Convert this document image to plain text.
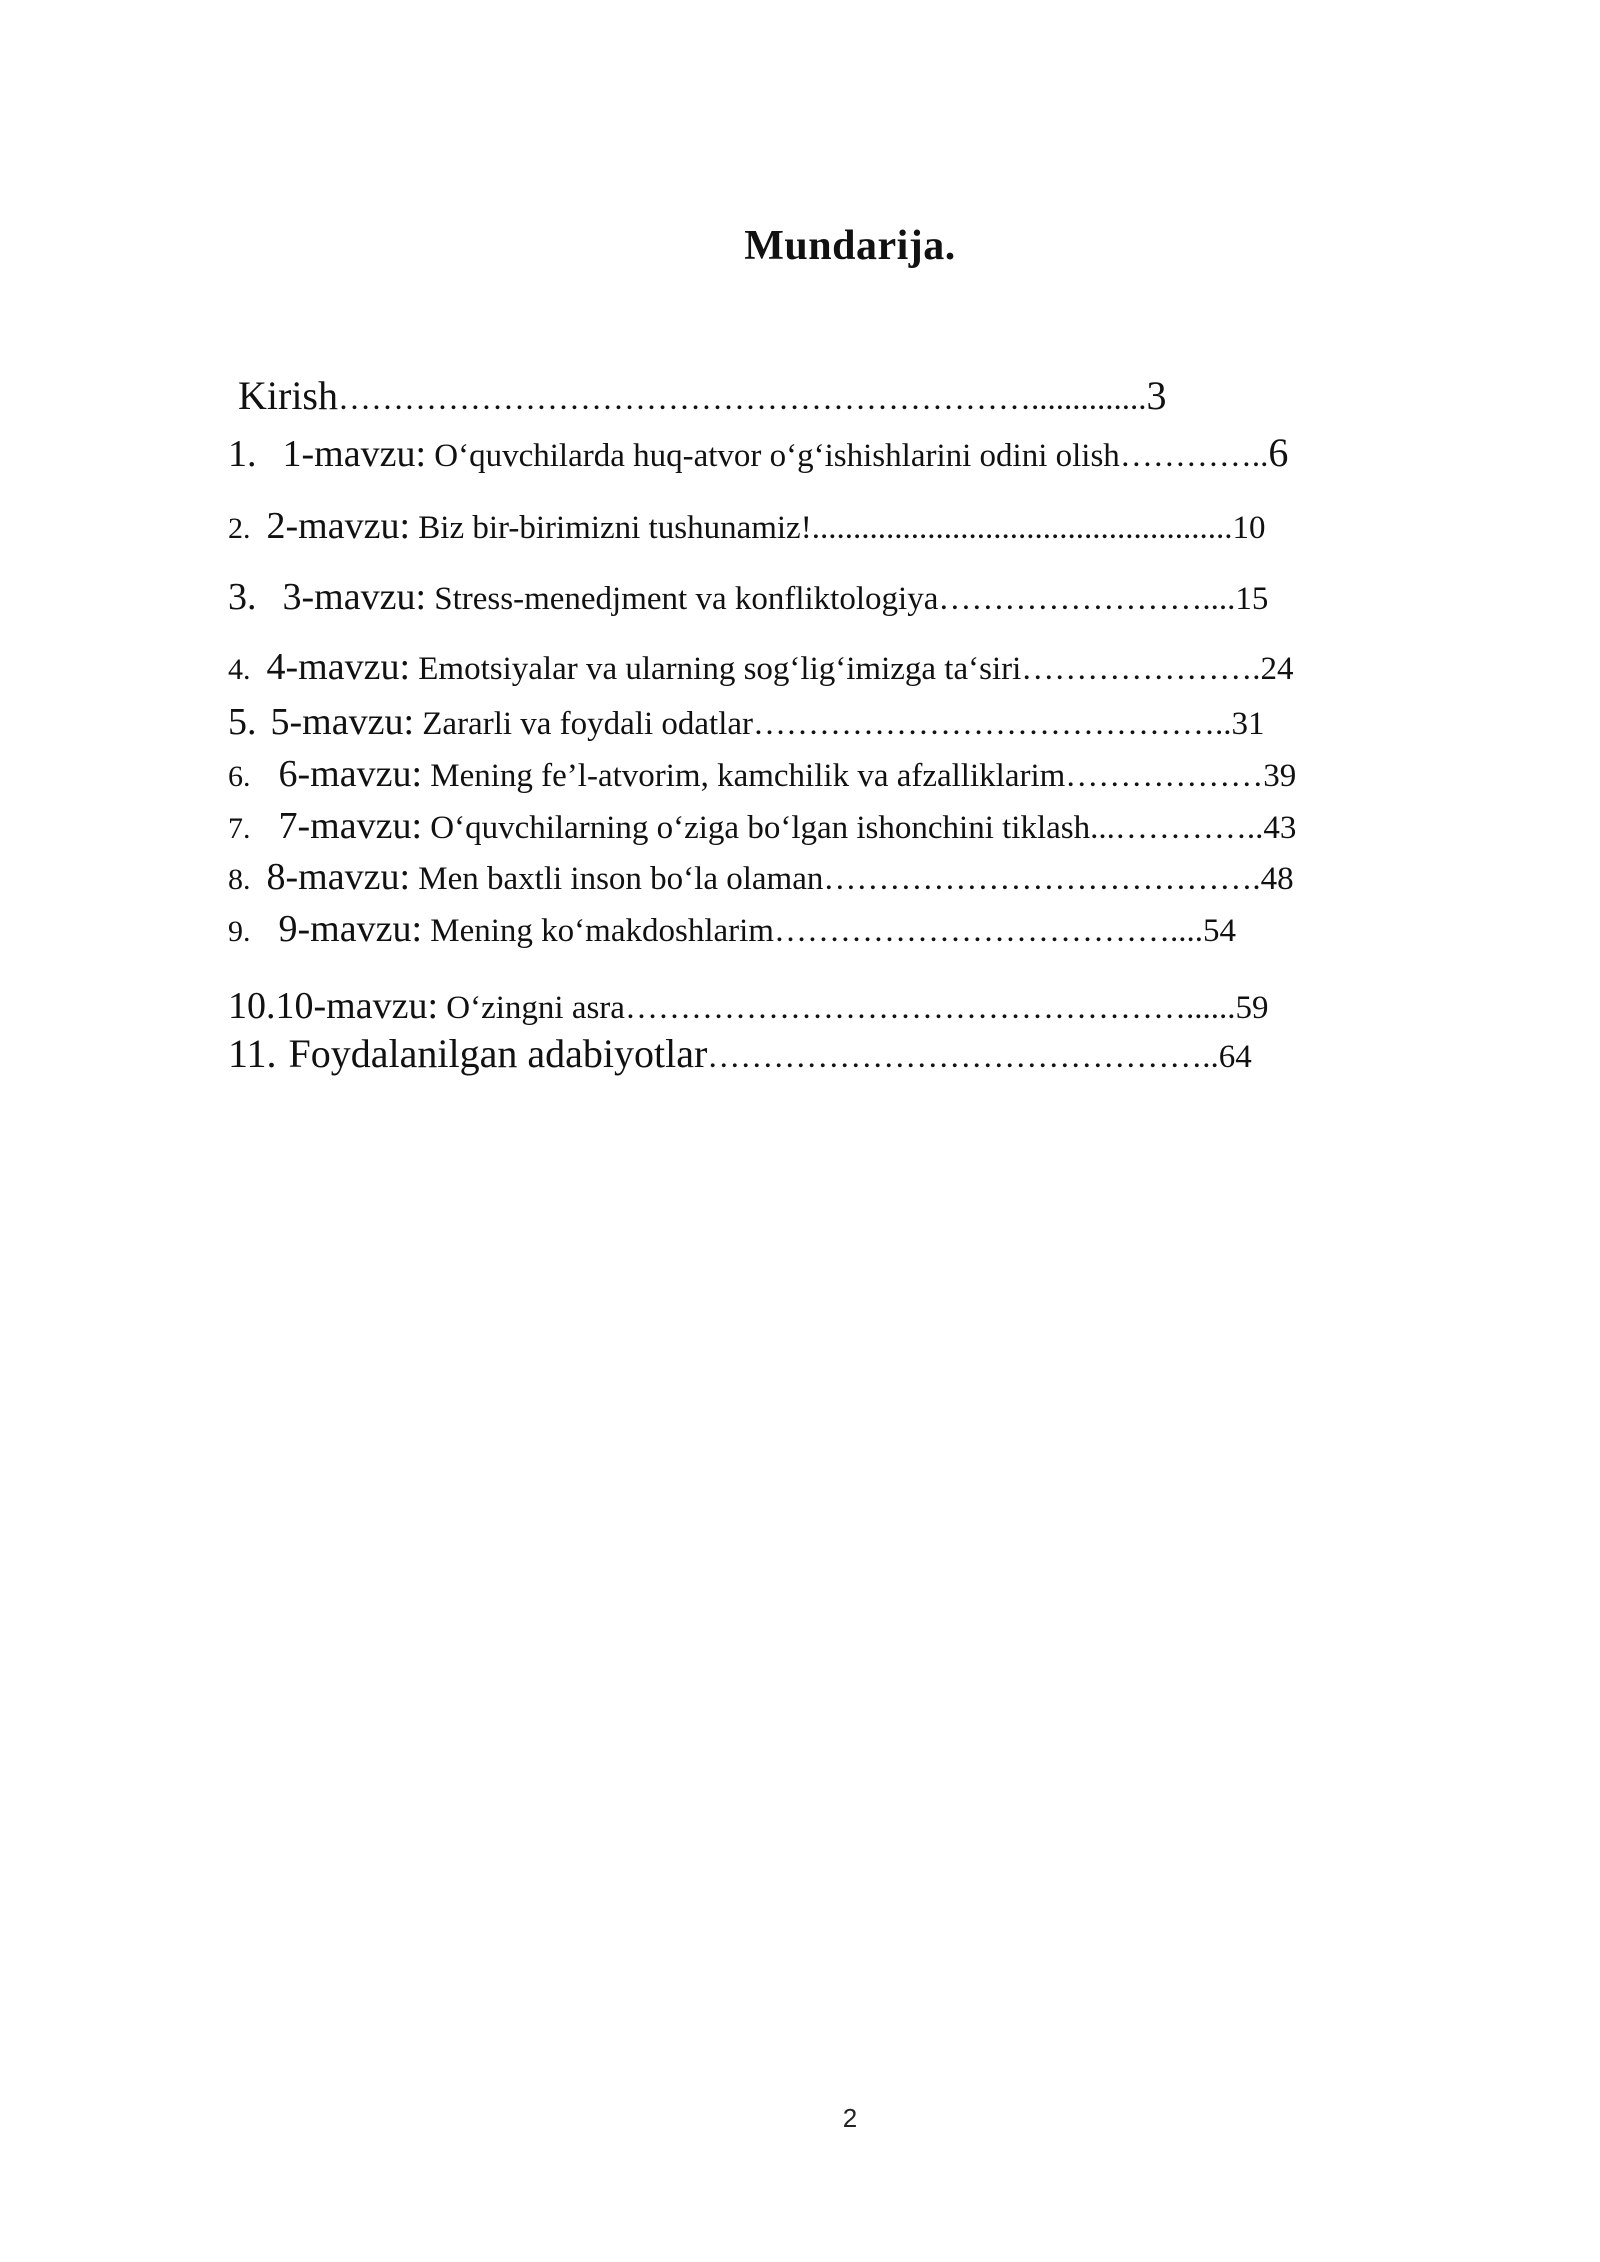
Mundarija.
Kirish………………………………………………………..............3
1. 1-mavzu: O‘quvchilarda huq-atvor o‘g‘ishishlarini odini olish…………..6
2. 2-mavzu: Biz bir-birimizni tushunamiz!...................................................10
3. 3-mavzu: Stress-menedjment va konfliktologiya……………………....15
4. 4-mavzu: Emotsiyalar va ularning sog‘lig‘imizga ta‘siri………………….24
5. 5-mavzu: Zararli va foydali odatlar……………………………………..31
6. 6-mavzu: Mening fe’l-atvorim, kamchilik va afzalliklarim………………39
7. 7-mavzu: O‘quvchilarning o‘ziga bo‘lgan ishonchini tiklash...…………..43
8. 8-mavzu: Men baxtli inson bo‘la olaman………………………………….48
9. 9-mavzu: Mening ko‘makdoshlarim………………………………....54
10.10-mavzu: O‘zingni asra……………………………………………......59
11. Foydalanilgan adabiyotlar………………………………………..64
2
